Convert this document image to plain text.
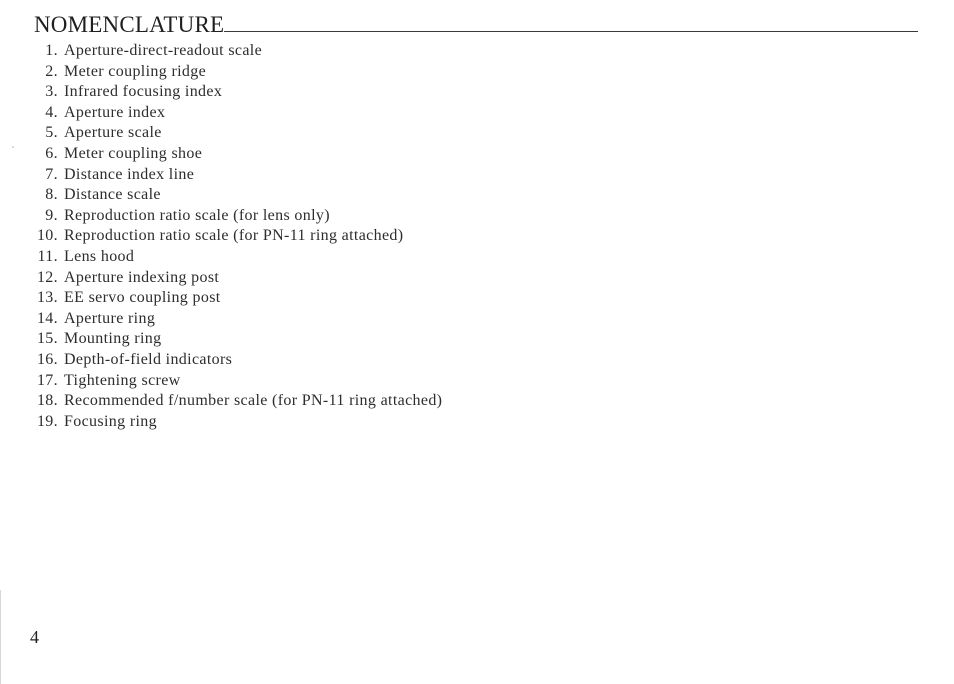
NOMENCLATURE
1. Aperture-direct-readout scale
2. Meter coupling ridge
3. Infrared focusing index
4. Aperture index
5. Aperture scale
6. Meter coupling shoe
7. Distance index line
8. Distance scale
9. Reproduction ratio scale (for lens only)
10. Reproduction ratio scale (for PN-11 ring attached)
11. Lens hood
12. Aperture indexing post
13. EE servo coupling post
14. Aperture ring
15. Mounting ring
16. Depth-of-field indicators
17. Tightening screw
18. Recommended f/number scale (for PN-11 ring attached)
19. Focusing ring
4
